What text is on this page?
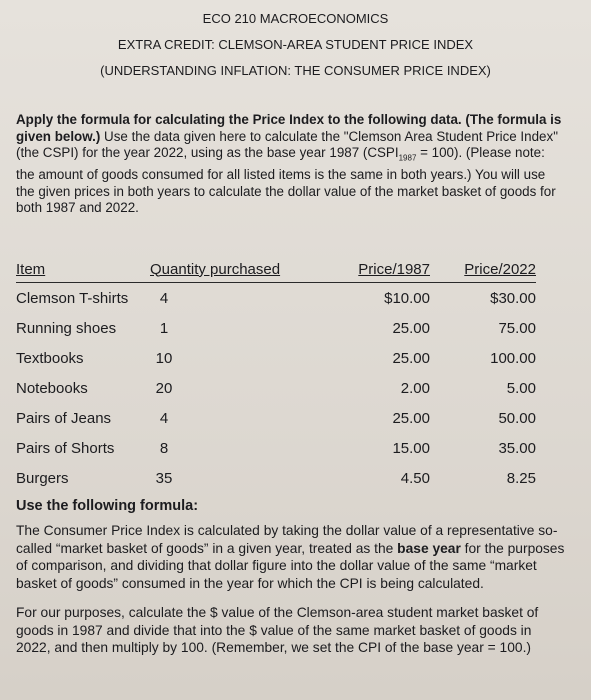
ECO 210 MACROECONOMICS
EXTRA CREDIT: CLEMSON-AREA STUDENT PRICE INDEX
(UNDERSTANDING INFLATION: THE CONSUMER PRICE INDEX)
Apply the formula for calculating the Price Index to the following data. (The formula is given below.) Use the data given here to calculate the "Clemson Area Student Price Index" (the CSPI) for the year 2022, using as the base year 1987 $(CSPI_{1987} = 100)$. (Please note: the amount of goods consumed for all listed items is the same in both years.) You will use the given prices in both years to calculate the dollar value of the market basket of goods for both 1987 and 2022.
Item	Quantity purchased	Price/1987	Price/2022
Clemson T-shirts	4	$10.00	$30.00
Running shoes	1	25.00	75.00
Textbooks	10	25.00	100.00
Notebooks	20	2.00	5.00
Pairs of Jeans	4	25.00	50.00
Pairs of Shorts	8	15.00	35.00
Burgers	35	4.50	8.25
Use the following formula:
The Consumer Price Index is calculated by taking the dollar value of a representative so-called “market basket of goods” in a given year, treated as the base year for the purposes of comparison, and dividing that dollar figure into the dollar value of the same “market basket of goods” consumed in the year for which the CPI is being calculated.
For our purposes, calculate the $ value of the Clemson-area student market basket of goods in 1987 and divide that into the $ value of the same market basket of goods in 2022, and then multiply by 100. (Remember, we set the CPI of the base year = 100.)
